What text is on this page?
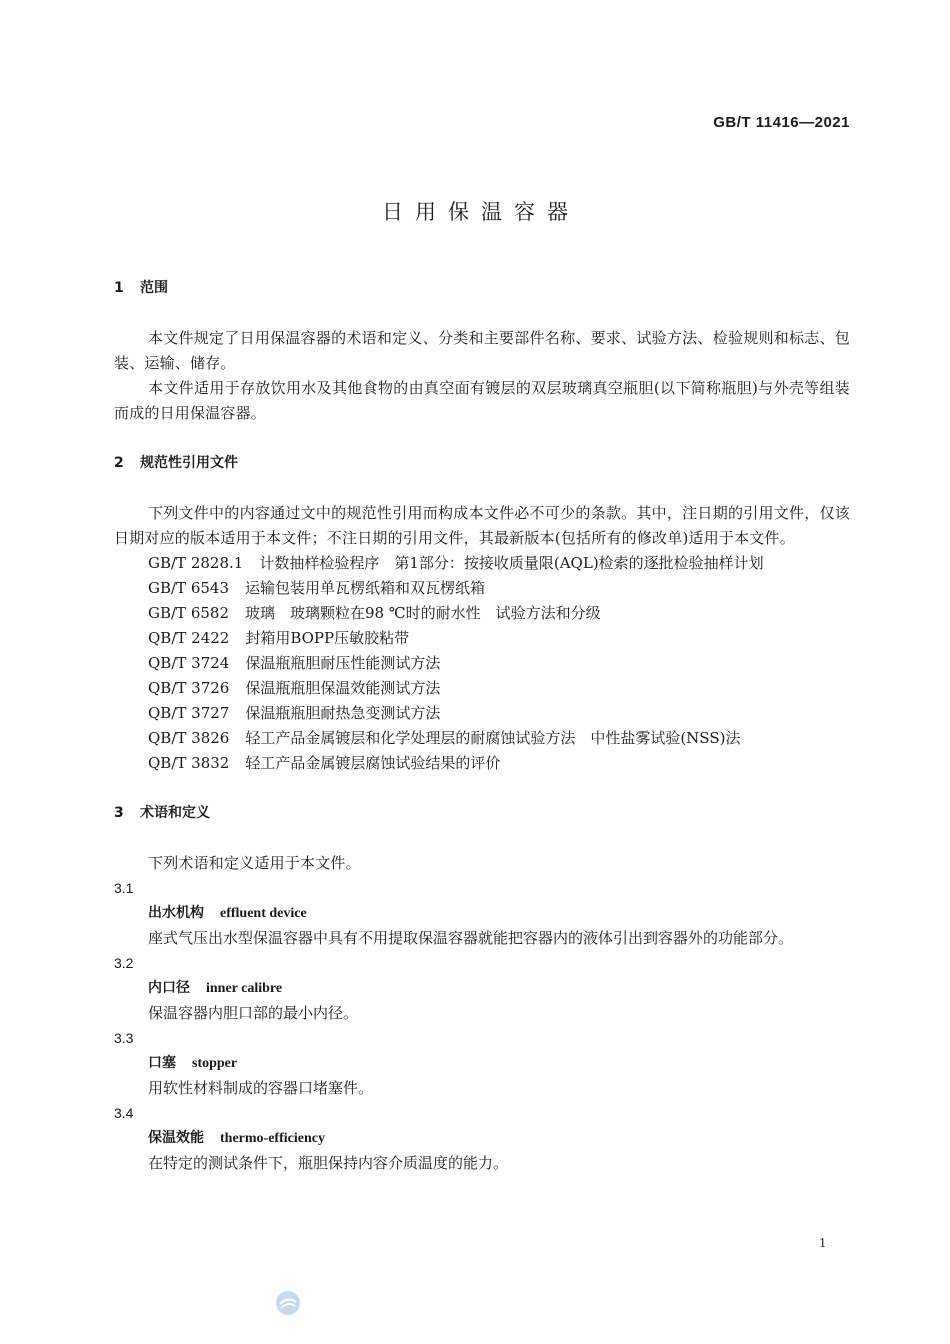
GB/T 11416—2021
日用保温容器
1 范围

本文件规定了日用保温容器的术语和定义、分类和主要部件名称、要求、试验方法、检验规则和标志、包装、运输、储存。

本文件适用于存放饮用水及其他食物的由真空面有镀层的双层玻璃真空瓶胆(以下简称瓶胆)与外壳等组装而成的日用保温容器。

2 规范性引用文件

下列文件中的内容通过文中的规范性引用而构成本文件必不可少的条款。其中，注日期的引用文件，仅该日期对应的版本适用于本文件；不注日期的引用文件，其最新版本(包括所有的修改单)适用于本文件。

GB/T 2828.1 计数抽样检验程序　第1部分：按接收质量限(AQL)检索的逐批检验抽样计划

GB/T 6543 运输包装用单瓦楞纸箱和双瓦楞纸箱

GB/T 6582 玻璃　玻璃颗粒在98 ℃时的耐水性　试验方法和分级

QB/T 2422 封箱用BOPP压敏胶粘带

QB/T 3724 保温瓶瓶胆耐压性能测试方法

QB/T 3726 保温瓶瓶胆保温效能测试方法

QB/T 3727 保温瓶瓶胆耐热急变测试方法

QB/T 3826 轻工产品金属镀层和化学处理层的耐腐蚀试验方法　中性盐雾试验(NSS)法

QB/T 3832 轻工产品金属镀层腐蚀试验结果的评价

3 术语和定义

下列术语和定义适用于本文件。

3.1

出水机构 effluent device

座式气压出水型保温容器中具有不用提取保温容器就能把容器内的液体引出到容器外的功能部分。

3.2

内口径 inner calibre

保温容器内胆口部的最小内径。

3.3

口塞 stopper

用软性材料制成的容器口堵塞件。

3.4

保温效能 thermo-efficiency

在特定的测试条件下，瓶胆保持内容介质温度的能力。

1
